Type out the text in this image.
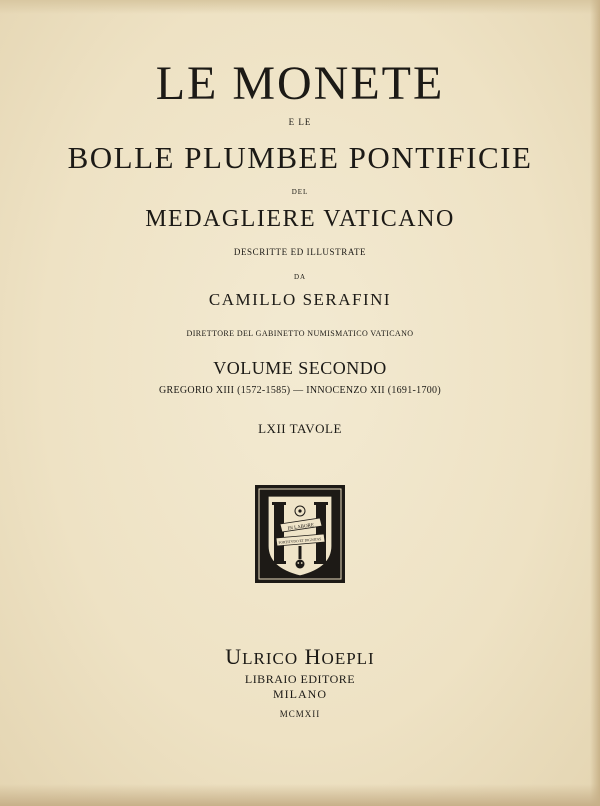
LE MONETE
E LE
BOLLE PLUMBEE PONTIFICIE
DEL
MEDAGLIERE VATICANO
DESCRITTE ED ILLUSTRATE
DA
CAMILLO SERAFINI
DIRETTORE DEL GABINETTO NUMISMATICO VATICANO
VOLUME SECONDO
GREGORIO XIII (1572-1585) — INNOCENZO XII (1691-1700)
LXII TAVOLE
IN LABORE
FORTITVDO ET DIGNITAS
ULRICO HOEPLI
LIBRAIO EDITORE
MILANO
MCMXII
